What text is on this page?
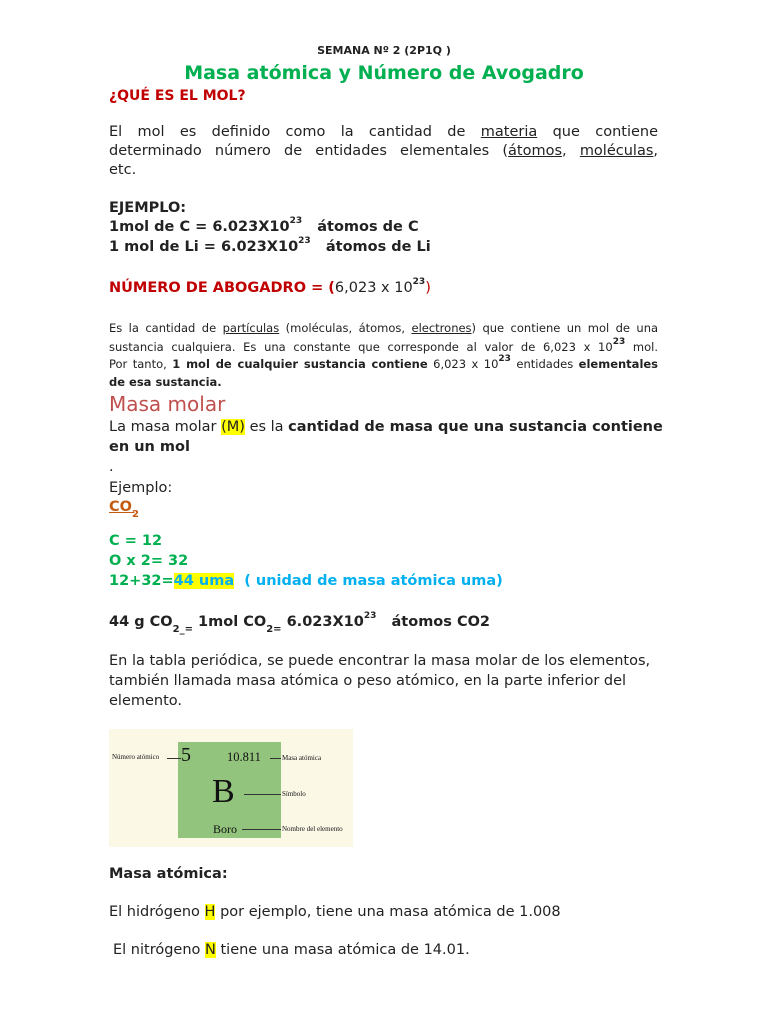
SEMANA Nº 2 (2P1Q )
Masa atómica y Número de Avogadro
¿QUÉ ES EL MOL?
El mol es definido como la cantidad de materia que contiene
determinado número de entidades elementales (átomos, moléculas,
etc.
EJEMPLO:
1mol de $C = 6.023X10^{23}$ átomos de C
1 mol de $Li = 6.023X10^{23}$ átomos de Li
NÚMERO DE ABOGADRO = (6,023 x $10^{23}$)
Es la cantidad de partículas (moléculas, átomos, electrones) que contiene un mol de una
sustancia cualquiera. Es una constante que corresponde al valor de 6,023 x $10^{23}$ mol.
Por tanto, 1 mol de cualquier sustancia contiene 6,023 x $10^{23}$ entidades elementales
de esa sustancia.
Masa molar
La masa molar (M) es la cantidad de masa que una sustancia contiene
en un mol
.
Ejemplo:
$CO_2$
C = 12
O x 2= 32
12+32=44 uma ( unidad de masa atómica uma)
44 g $CO_{2\_=}$ 1mol $CO_{2=}$ $6.023X10^{23}$ átomos CO2
En la tabla periódica, se puede encontrar la masa molar de los elementos,
también llamada masa atómica o peso atómico, en la parte inferior del
elemento.
Número atómico 5	10.811	Masa atómica
B	Símbolo
Boro	Nombre del elemento
Masa atómica:
El hidrógeno H por ejemplo, tiene una masa atómica de 1.008
El nitrógeno N tiene una masa atómica de 14.01.
